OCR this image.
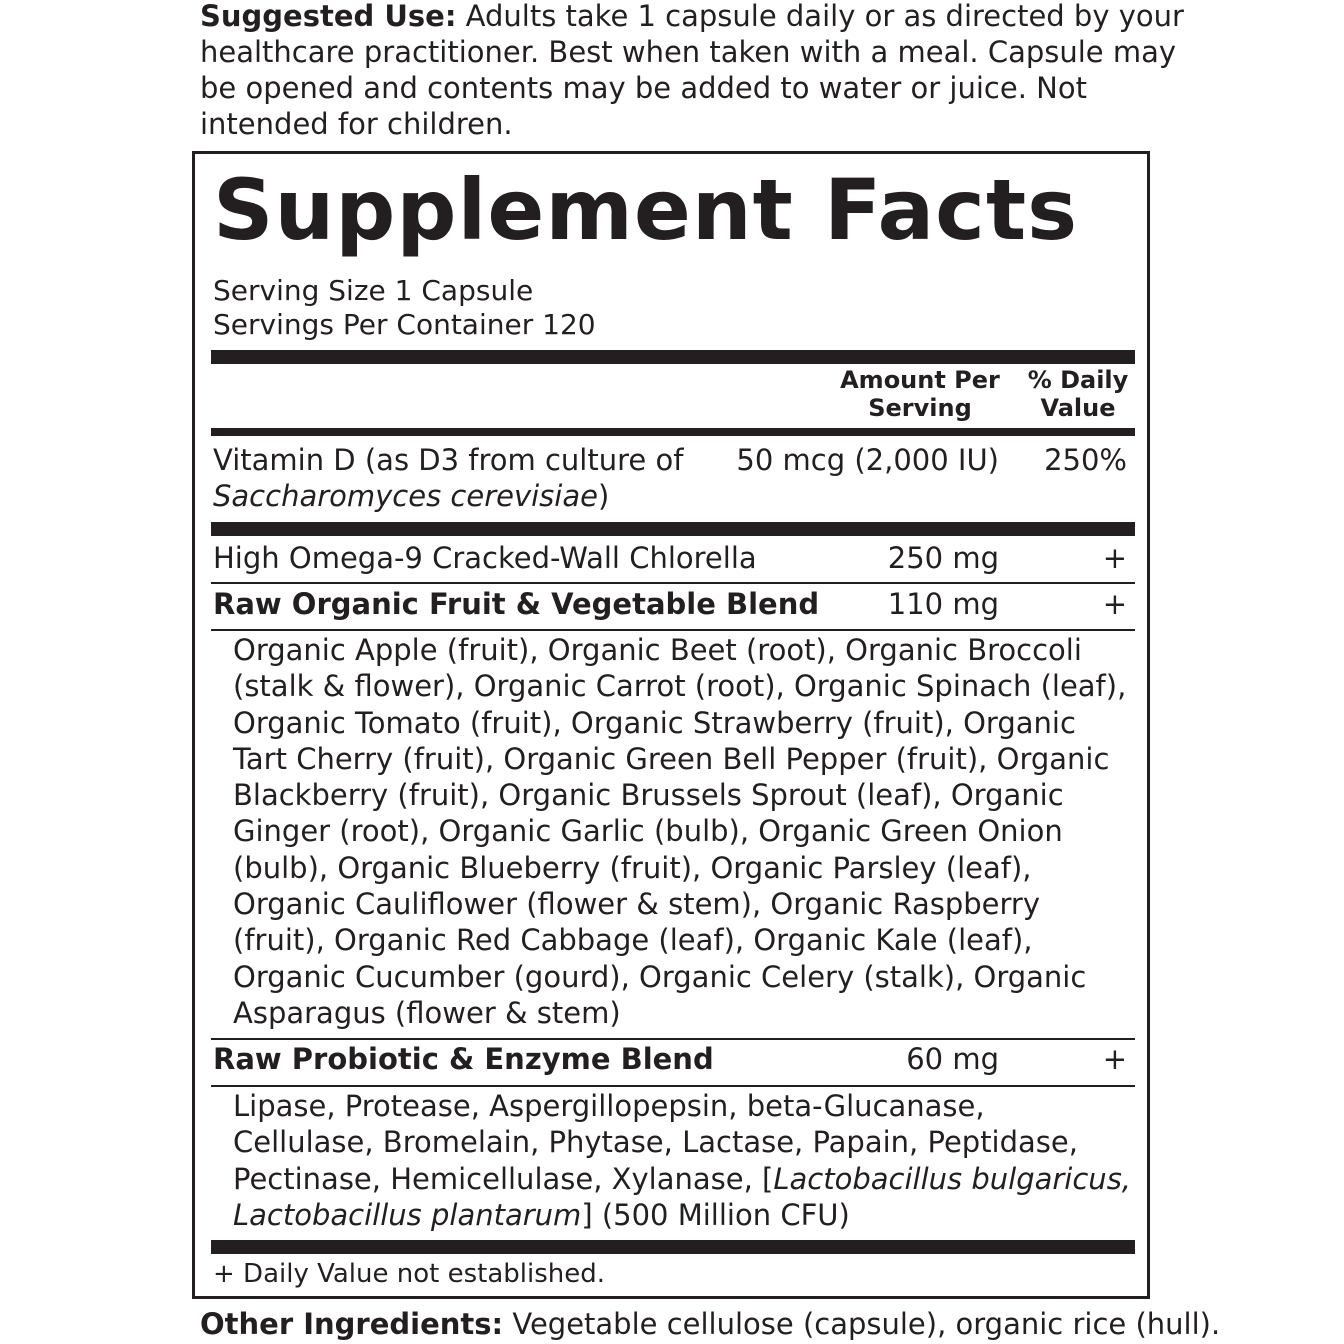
Suggested Use: Adults take 1 capsule daily or as directed by your healthcare practitioner. Best when taken with a meal. Capsule may be opened and contents may be added to water or juice. Not intended for children.
Supplement Facts
Serving Size 1 Capsule
Servings Per Container 120
Amount Per
Serving
% Daily
Value
Vitamin D (as D3 from culture of
Saccharomyces cerevisiae)
50 mcg (2,000 IU) 250%
High Omega-9 Cracked-Wall Chlorella	250 mg	+
Raw Organic Fruit & Vegetable Blend 110 mg	+
Organic Apple (fruit), Organic Beet (root), Organic Broccoli (stalk & flower), Organic Carrot (root), Organic Spinach (leaf), Organic Tomato (fruit), Organic Strawberry (fruit), Organic Tart Cherry (fruit), Organic Green Bell Pepper (fruit), Organic Blackberry (fruit), Organic Brussels Sprout (leaf), Organic Ginger (root), Organic Garlic (bulb), Organic Green Onion (bulb), Organic Blueberry (fruit), Organic Parsley (leaf), Organic Cauliflower (flower & stem), Organic Raspberry (fruit), Organic Red Cabbage (leaf), Organic Kale (leaf), Organic Cucumber (gourd), Organic Celery (stalk), Organic Asparagus (flower & stem)
Raw Probiotic & Enzyme Blend	60 mg	+
Lipase, Protease, Aspergillopepsin, beta-Glucanase, Cellulase, Bromelain, Phytase, Lactase, Papain, Peptidase, Pectinase, Hemicellulase, Xylanase, [Lactobacillus bulgaricus, Lactobacillus plantarum] (500 Million CFU)
+ Daily Value not established.
Other Ingredients: Vegetable cellulose (capsule), organic rice (hull).
